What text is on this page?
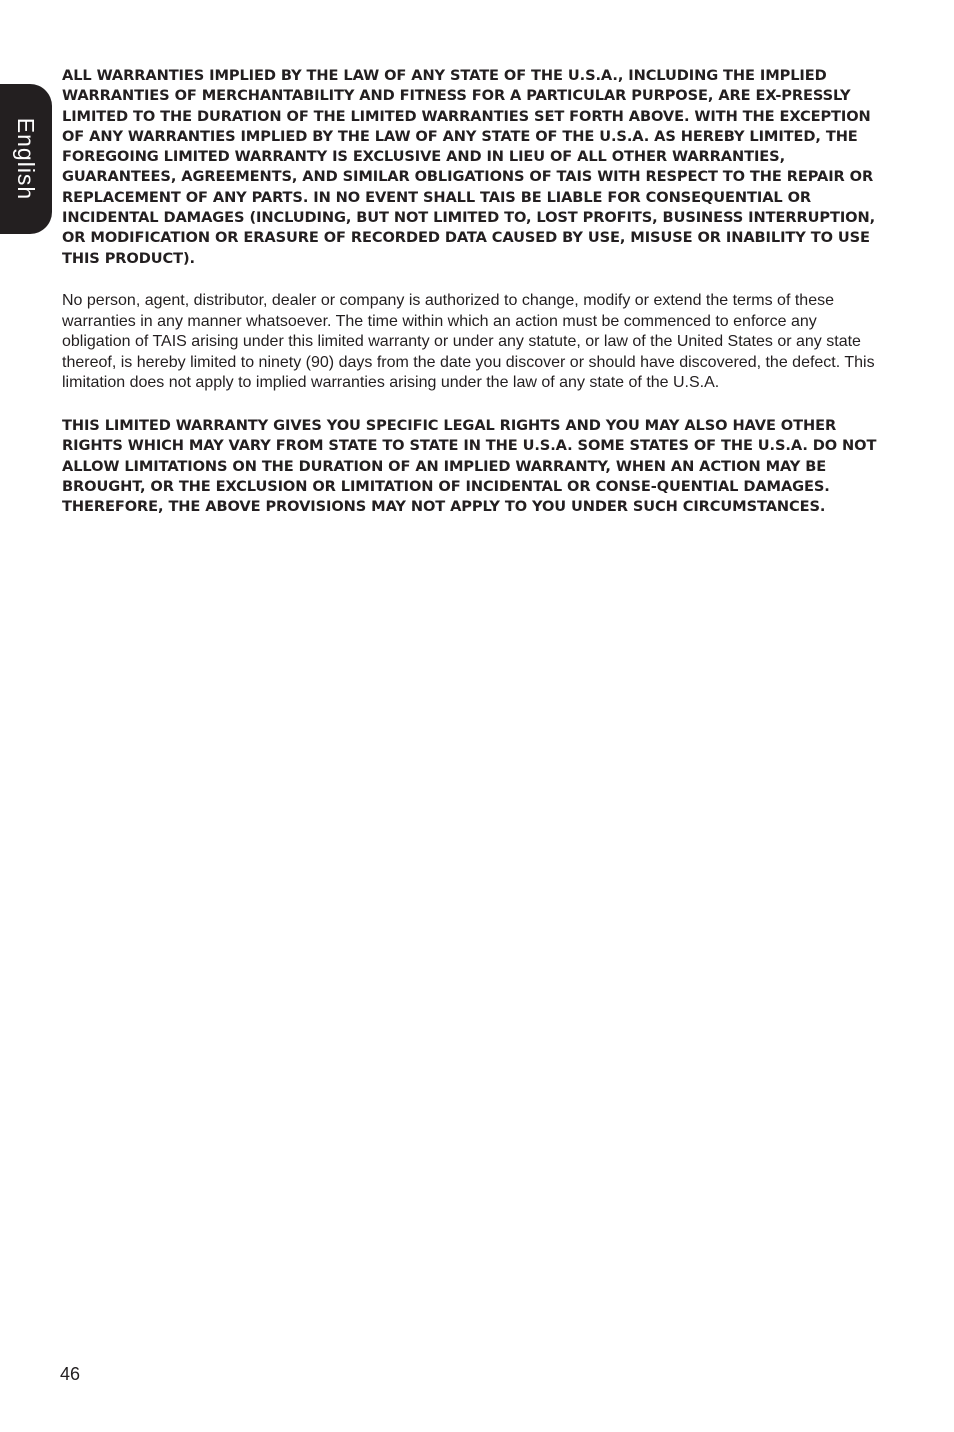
English

ALL WARRANTIES IMPLIED BY THE LAW OF ANY STATE OF THE U.S.A., INCLUDING THE IMPLIED WARRANTIES OF MERCHANTABILITY AND FITNESS FOR A PARTICULAR PURPOSE, ARE EX-PRESSLY LIMITED TO THE DURATION OF THE LIMITED WARRANTIES SET FORTH ABOVE. WITH THE EXCEPTION OF ANY WARRANTIES IMPLIED BY THE LAW OF ANY STATE OF THE U.S.A. AS HEREBY LIMITED, THE FOREGOING LIMITED WARRANTY IS EXCLUSIVE AND IN LIEU OF ALL OTHER WARRANTIES, GUARANTEES, AGREEMENTS, AND SIMILAR OBLIGATIONS OF TAIS WITH RESPECT TO THE REPAIR OR REPLACEMENT OF ANY PARTS. IN NO EVENT SHALL TAIS BE LIABLE FOR CONSEQUENTIAL OR INCIDENTAL DAMAGES (INCLUDING, BUT NOT LIMITED TO, LOST PROFITS, BUSINESS INTERRUPTION, OR MODIFICATION OR ERASURE OF RECORDED DATA CAUSED BY USE, MISUSE OR INABILITY TO USE THIS PRODUCT).

No person, agent, distributor, dealer or company is authorized to change, modify or extend the terms of these warranties in any manner whatsoever. The time within which an action must be commenced to enforce any obligation of TAIS arising under this limited warranty or under any statute, or law of the United States or any state thereof, is hereby limited to ninety (90) days from the date you discover or should have discovered, the defect. This limitation does not apply to implied warranties arising under the law of any state of the U.S.A.

THIS LIMITED WARRANTY GIVES YOU SPECIFIC LEGAL RIGHTS AND YOU MAY ALSO HAVE OTHER RIGHTS WHICH MAY VARY FROM STATE TO STATE IN THE U.S.A. SOME STATES OF THE U.S.A. DO NOT ALLOW LIMITATIONS ON THE DURATION OF AN IMPLIED WARRANTY, WHEN AN ACTION MAY BE BROUGHT, OR THE EXCLUSION OR LIMITATION OF INCIDENTAL OR CONSE-QUENTIAL DAMAGES. THEREFORE, THE ABOVE PROVISIONS MAY NOT APPLY TO YOU UNDER SUCH CIRCUMSTANCES.

46
